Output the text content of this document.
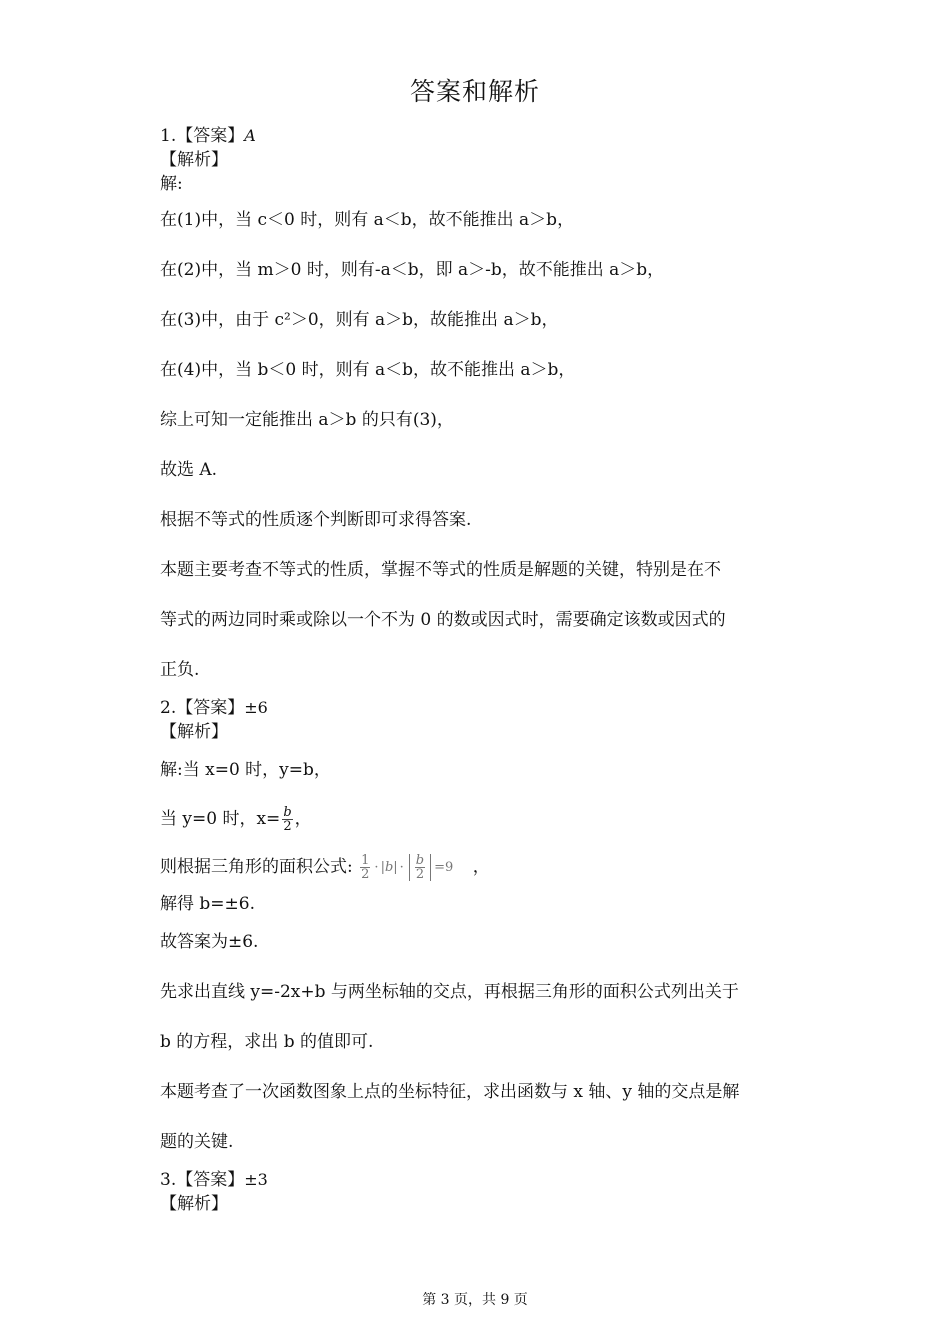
答案和解析
1.【答案】A
【解析】
解:
在(1)中，当 c＜0 时，则有 a＜b，故不能推出 a＞b，
在(2)中，当 m＞0 时，则有-a＜b，即 a＞-b，故不能推出 a＞b，
在(3)中，由于 c²＞0，则有 a＞b，故能推出 a＞b，
在(4)中，当 b＜0 时，则有 a＜b，故不能推出 a＞b，
综上可知一定能推出 a＞b 的只有(3)，
故选 A.
根据不等式的性质逐个判断即可求得答案.
本题主要考查不等式的性质，掌握不等式的性质是解题的关键，特别是在不
等式的两边同时乘或除以一个不为 0 的数或因式时，需要确定该数或因式的
正负.
2.【答案】±6
【解析】
解:当 x=0 时，y=b，
当 y=0 时，$x= \frac{b}{2}$ ，
则根据三角形的面积公式: $\frac{1}{2} \cdot |b| \cdot \frac{b}{2} =9$ ，
解得 b=±6.
故答案为±6.
先求出直线 y=-2x+b 与两坐标轴的交点，再根据三角形的面积公式列出关于
b 的方程，求出 b 的值即可.
本题考查了一次函数图象上点的坐标特征，求出函数与 x 轴、y 轴的交点是解
题的关键.
3.【答案】±3
【解析】
第 3 页，共 9 页
